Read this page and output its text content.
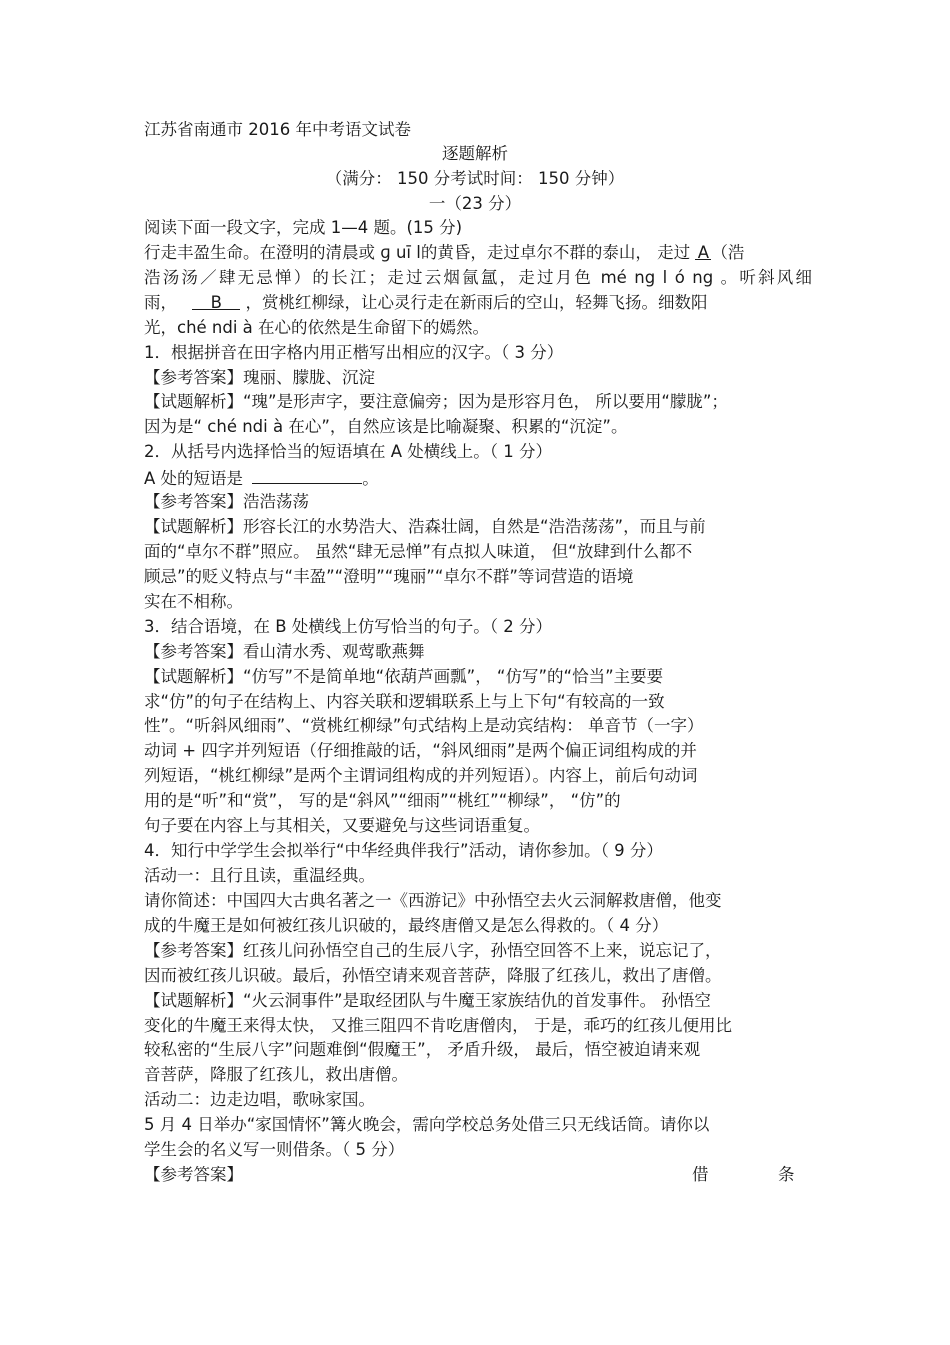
江苏省南通市 2016 年中考语文试卷
逐题解析
（满分： 150 分考试时间： 150 分钟）
一（23 分）
阅读下面一段文字，完成 1—4 题。(15 分)
行走丰盈生命。在澄明的清晨或 ɡ uī l的黄昏，走过卓尔不群的泰山， 走过 A （浩
浩汤汤／肆无忌惮）的长江；走过云烟氤氲，走过月色 mé ng l ó ng 。听斜风细
雨， B ，赏桃红柳绿，让心灵行走在新雨后的空山，轻舞飞扬。细数阳
光，ché ndi à 在心的依然是生命留下的嫣然。
1．根据拼音在田字格内用正楷写出相应的汉字。（ 3 分）
【参考答案】瑰丽、朦胧、沉淀
【试题解析】“瑰”是形声字，要注意偏旁；因为是形容月色， 所以要用“朦胧”；
因为是“ ché ndi à 在心”，自然应该是比喻凝聚、积累的“沉淀”。
2．从括号内选择恰当的短语填在 A 处横线上。（ 1 分）
A 处的短语是	。
【参考答案】浩浩荡荡
【试题解析】形容长江的水势浩大、浩森壮阔，自然是“浩浩荡荡”，而且与前
面的“卓尔不群”照应。 虽然“肆无忌惮”有点拟人味道， 但“放肆到什么都不
顾忌”的贬义特点与“丰盈”“澄明”“瑰丽”“卓尔不群”等词营造的语境
实在不相称。
3．结合语境，在 B 处横线上仿写恰当的句子。（ 2 分）
【参考答案】看山清水秀、观莺歌燕舞
【试题解析】“仿写”不是简单地“依葫芦画瓢”， “仿写”的“恰当”主要要
求“仿”的句子在结构上、内容关联和逻辑联系上与上下句“有较高的一致
性”。“听斜风细雨”、“赏桃红柳绿”句式结构上是动宾结构： 单音节（一字）
动词 + 四字并列短语（仔细推敲的话，“斜风细雨”是两个偏正词组构成的并
列短语，“桃红柳绿”是两个主谓词组构成的并列短语）。内容上，前后句动词
用的是“听”和“赏”， 写的是“斜风”“细雨”“桃红”“柳绿”， “仿”的
句子要在内容上与其相关，又要避免与这些词语重复。
4．知行中学学生会拟举行“中华经典伴我行”活动，请你参加。（ 9 分）
活动一：且行且读，重温经典。
请你简述：中国四大古典名著之一《西游记》中孙悟空去火云洞解救唐僧，他变
成的牛魔王是如何被红孩儿识破的，最终唐僧又是怎么得救的。（ 4 分）
【参考答案】红孩儿问孙悟空自己的生辰八字，孙悟空回答不上来，说忘记了，
因而被红孩儿识破。最后，孙悟空请来观音菩萨，降服了红孩儿，救出了唐僧。
【试题解析】“火云洞事件”是取经团队与牛魔王家族结仇的首发事件。 孙悟空
变化的牛魔王来得太快， 又推三阻四不肯吃唐僧肉， 于是，乖巧的红孩儿便用比
较私密的“生辰八字”问题难倒“假魔王”， 矛盾升级， 最后，悟空被迫请来观
音菩萨，降服了红孩儿，救出唐僧。
活动二：边走边唱，歌咏家国。
5 月 4 日举办“家国情怀”篝火晚会，需向学校总务处借三只无线话筒。请你以
学生会的名义写一则借条。（ 5 分）
【参考答案】	借	条
